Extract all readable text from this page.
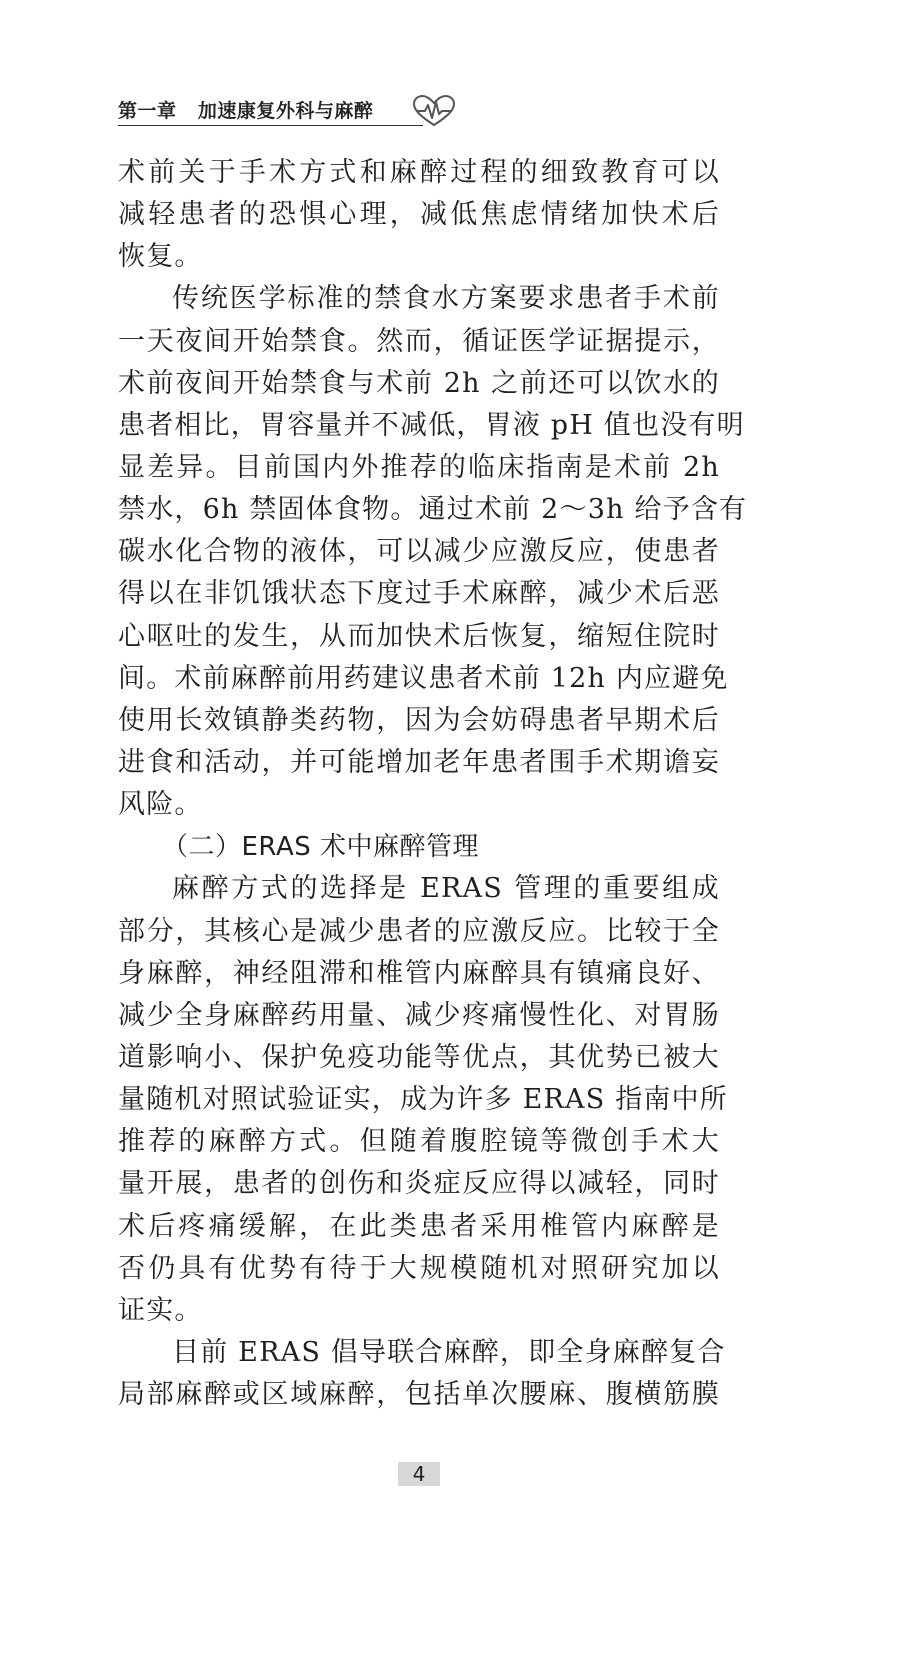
第一章   加速康复外科与麻醉
术前关于手术方式和麻醉过程的细致教育可以
减轻患者的恐惧心理，减低焦虑情绪加快术后
恢复。
传统医学标准的禁食水方案要求患者手术前
一天夜间开始禁食。然而，循证医学证据提示，
术前夜间开始禁食与术前 2h 之前还可以饮水的
患者相比，胃容量并不减低，胃液 pH 值也没有明
显差异。目前国内外推荐的临床指南是术前 2h
禁水，6h 禁固体食物。通过术前 2～3h 给予含有
碳水化合物的液体，可以减少应激反应，使患者
得以在非饥饿状态下度过手术麻醉，减少术后恶
心呕吐的发生，从而加快术后恢复，缩短住院时
间。术前麻醉前用药建议患者术前 12h 内应避免
使用长效镇静类药物，因为会妨碍患者早期术后
进食和活动，并可能增加老年患者围手术期谵妄
风险。
（二）ERAS 术中麻醉管理
麻醉方式的选择是 ERAS 管理的重要组成
部分，其核心是减少患者的应激反应。比较于全
身麻醉，神经阻滞和椎管内麻醉具有镇痛良好、
减少全身麻醉药用量、减少疼痛慢性化、对胃肠
道影响小、保护免疫功能等优点，其优势已被大
量随机对照试验证实，成为许多 ERAS 指南中所
推荐的麻醉方式。但随着腹腔镜等微创手术大
量开展，患者的创伤和炎症反应得以减轻，同时
术后疼痛缓解，在此类患者采用椎管内麻醉是
否仍具有优势有待于大规模随机对照研究加以
证实。
目前 ERAS 倡导联合麻醉，即全身麻醉复合
局部麻醉或区域麻醉，包括单次腰麻、腹横筋膜
4
